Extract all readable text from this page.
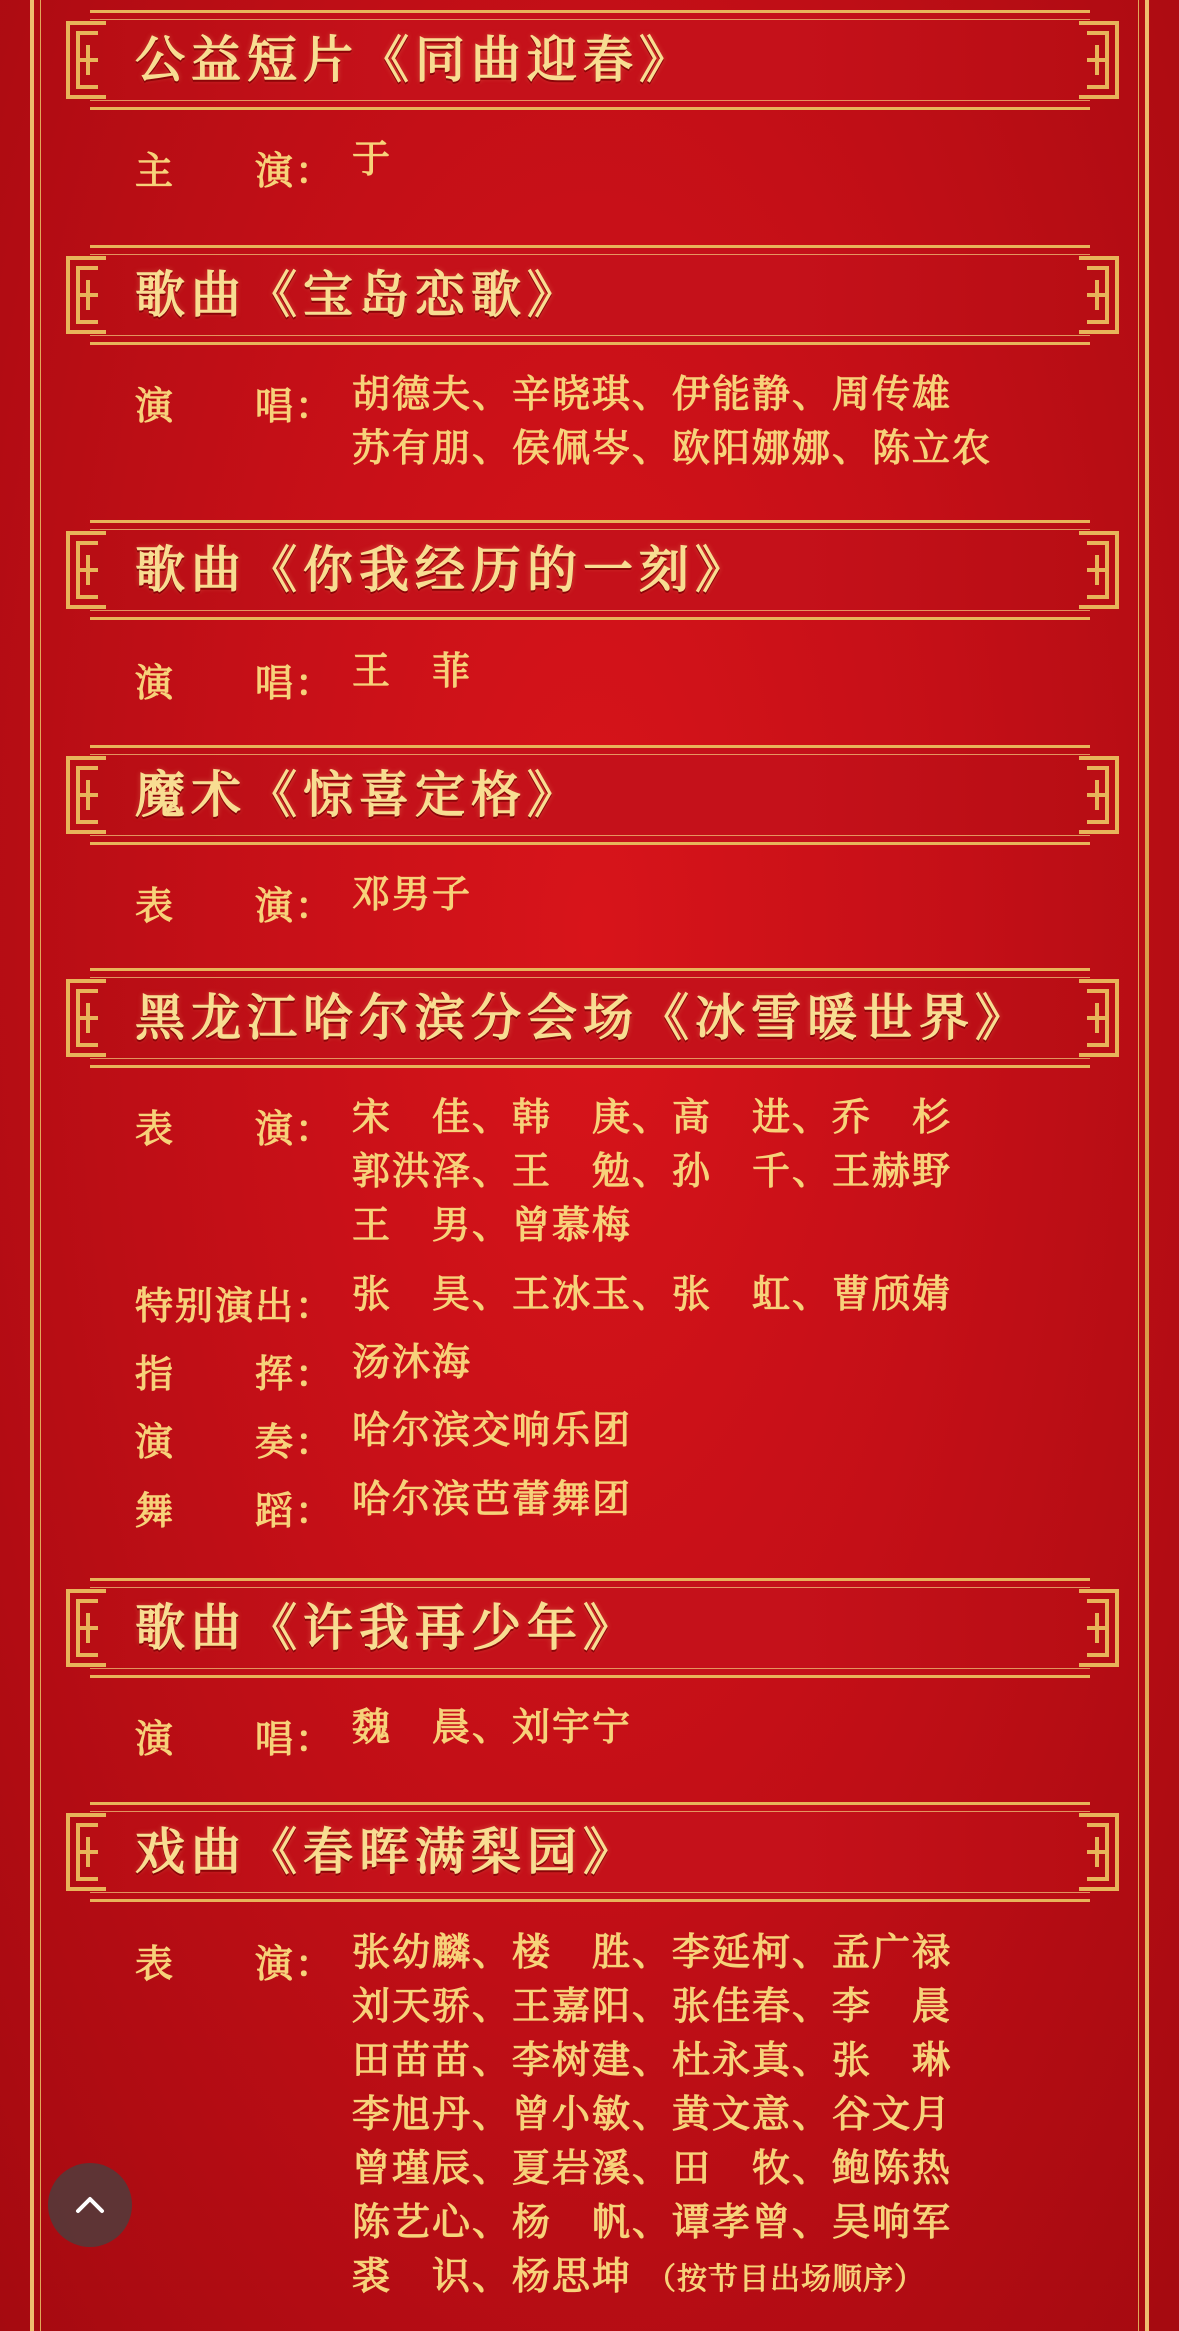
公益短片《同曲迎春》
主　　演： 于
歌曲《宝岛恋歌》
演　　唱： 胡德夫、辛晓琪、伊能静、周传雄
苏有朋、侯佩岑、欧阳娜娜、陈立农
歌曲《你我经历的一刻》
演　　唱： 王　菲
魔术《惊喜定格》
表　　演： 邓男子
黑龙江哈尔滨分会场《冰雪暖世界》
表　　演： 宋　佳、韩　庚、高　进、乔　杉
郭洪泽、王　勉、孙　千、王赫野
王　男、曾慕梅
特别演出： 张　昊、王冰玉、张　虹、曹颀婧
指　　挥： 汤沐海
演　　奏： 哈尔滨交响乐团
舞　　蹈： 哈尔滨芭蕾舞团
歌曲《许我再少年》
演　　唱： 魏　晨、刘宇宁
戏曲《春晖满梨园》
表　　演： 张幼麟、楼　胜、李延柯、孟广禄
刘天骄、王嘉阳、张佳春、李　晨
田苗苗、李树建、杜永真、张　琳
李旭丹、曾小敏、黄文意、谷文月
曾瑾辰、夏岩溪、田　牧、鲍陈热
陈艺心、杨　帆、谭孝曾、吴响军
裘　识、杨思坤 （按节目出场顺序）
